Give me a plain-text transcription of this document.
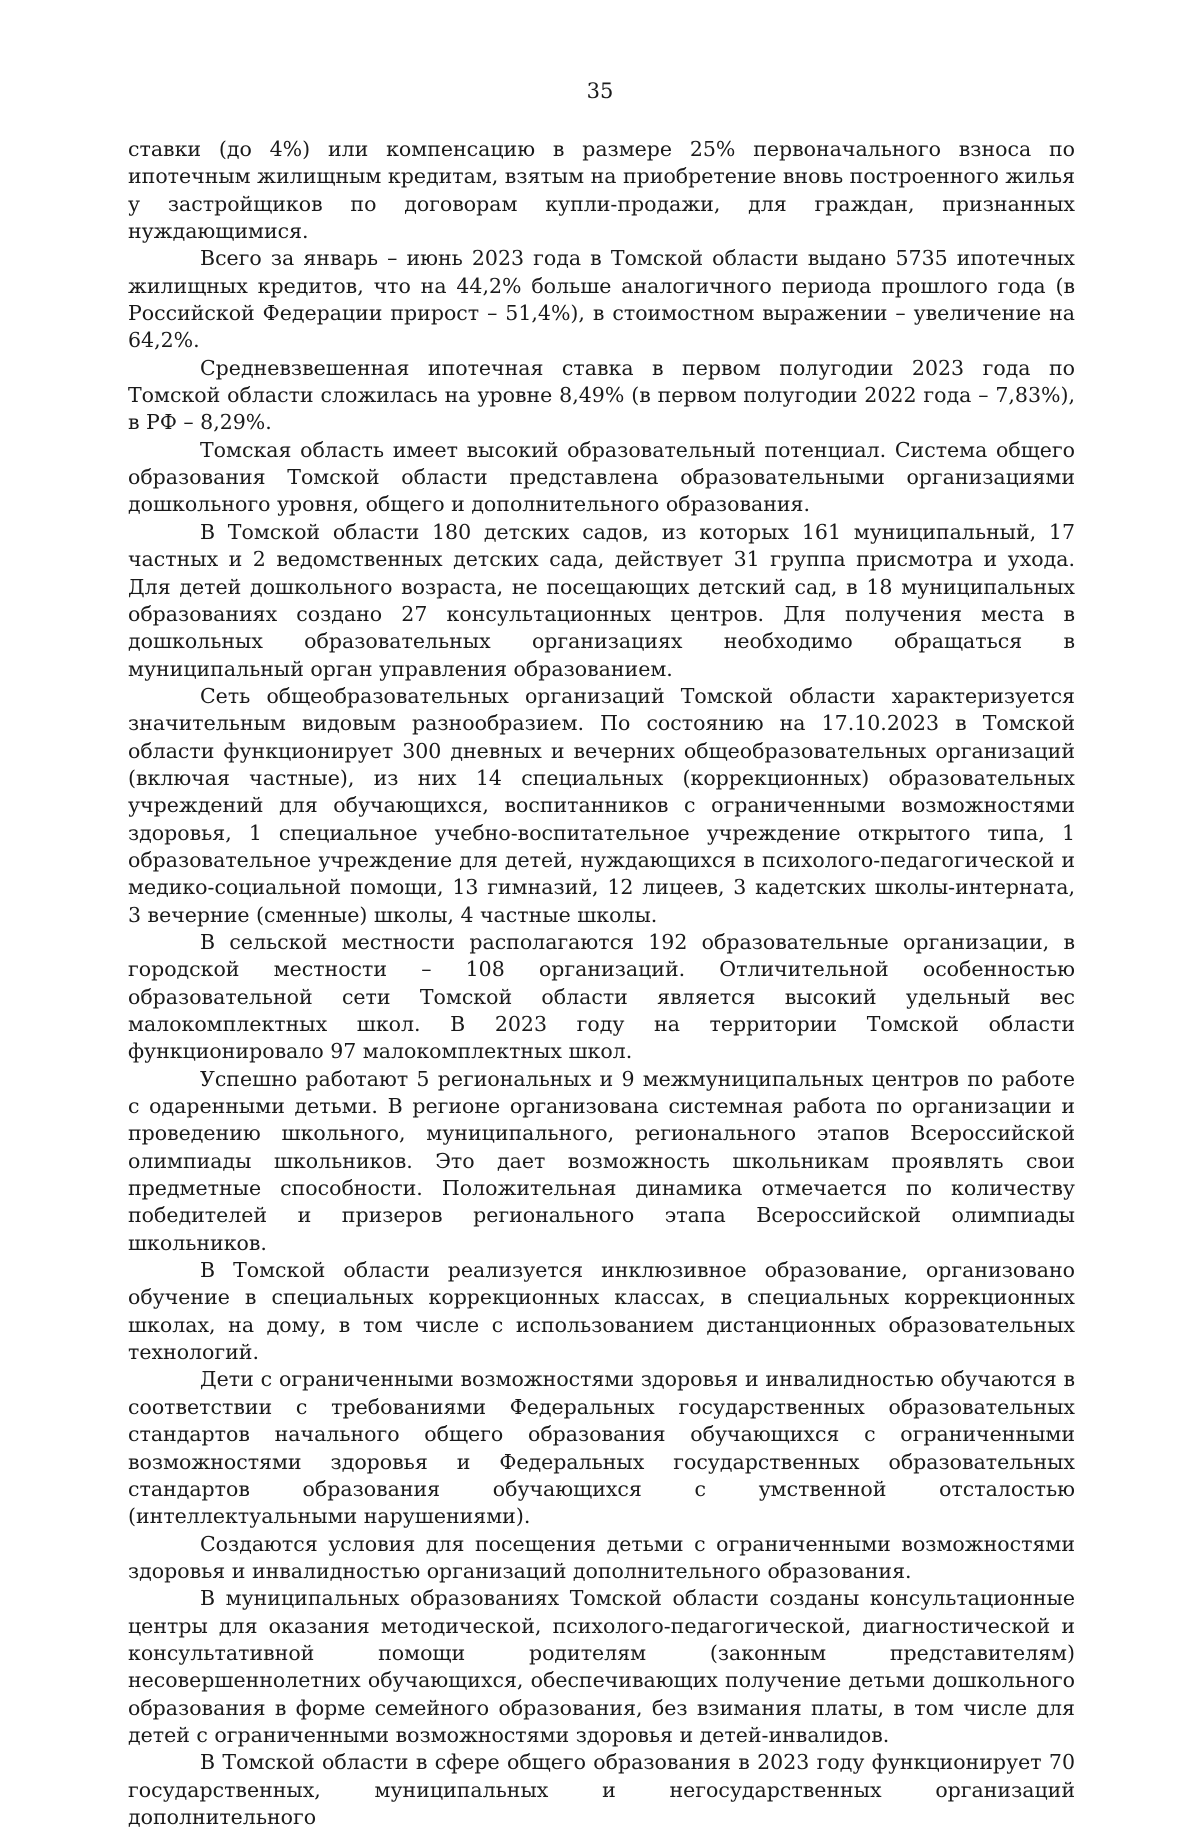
35

ставки (до 4%) или компенсацию в размере 25% первоначального взноса по ипотечным жилищным кредитам, взятым на приобретение вновь построенного жилья у застройщиков по договорам купли-продажи, для граждан, признанных нуждающимися.

Всего за январь – июнь 2023 года в Томской области выдано 5735 ипотечных жилищных кредитов, что на 44,2% больше аналогичного периода прошлого года (в Российской Федерации прирост – 51,4%), в стоимостном выражении – увеличение на 64,2%.

Средневзвешенная ипотечная ставка в первом полугодии 2023 года по Томской области сложилась на уровне 8,49% (в первом полугодии 2022 года – 7,83%), в РФ – 8,29%.

Томская область имеет высокий образовательный потенциал. Система общего образования Томской области представлена образовательными организациями дошкольного уровня, общего и дополнительного образования.

В Томской области 180 детских садов, из которых 161 муниципальный, 17 частных и 2 ведомственных детских сада, действует 31 группа присмотра и ухода. Для детей дошкольного возраста, не посещающих детский сад, в 18 муниципальных образованиях создано 27 консультационных центров. Для получения места в дошкольных образовательных организациях необходимо обращаться в муниципальный орган управления образованием.

Сеть общеобразовательных организаций Томской области характеризуется значительным видовым разнообразием. По состоянию на 17.10.2023 в Томской области функционирует 300 дневных и вечерних общеобразовательных организаций (включая частные), из них 14 специальных (коррекционных) образовательных учреждений для обучающихся, воспитанников с ограниченными возможностями здоровья, 1 специальное учебно-воспитательное учреждение открытого типа, 1 образовательное учреждение для детей, нуждающихся в психолого-педагогической и медико-социальной помощи, 13 гимназий, 12 лицеев, 3 кадетских школы-интерната, 3 вечерние (сменные) школы, 4 частные школы.

В сельской местности располагаются 192 образовательные организации, в городской местности – 108 организаций. Отличительной особенностью образовательной сети Томской области является высокий удельный вес малокомплектных школ. В 2023 году на территории Томской области функционировало 97 малокомплектных школ.

Успешно работают 5 региональных и 9 межмуниципальных центров по работе с одаренными детьми. В регионе организована системная работа по организации и проведению школьного, муниципального, регионального этапов Всероссийской олимпиады школьников. Это дает возможность школьникам проявлять свои предметные способности. Положительная динамика отмечается по количеству победителей и призеров регионального этапа Всероссийской олимпиады школьников.

В Томской области реализуется инклюзивное образование, организовано обучение в специальных коррекционных классах, в специальных коррекционных школах, на дому, в том числе с использованием дистанционных образовательных технологий.

Дети с ограниченными возможностями здоровья и инвалидностью обучаются в соответствии с требованиями Федеральных государственных образовательных стандартов начального общего образования обучающихся с ограниченными возможностями здоровья и Федеральных государственных образовательных стандартов образования обучающихся с умственной отсталостью (интеллектуальными нарушениями).

Создаются условия для посещения детьми с ограниченными возможностями здоровья и инвалидностью организаций дополнительного образования.

В муниципальных образованиях Томской области созданы консультационные центры для оказания методической, психолого-педагогической, диагностической и консультативной помощи родителям (законным представителям) несовершеннолетних обучающихся, обеспечивающих получение детьми дошкольного образования в форме семейного образования, без взимания платы, в том числе для детей с ограниченными возможностями здоровья и детей-инвалидов.

В Томской области в сфере общего образования в 2023 году функционирует 70 государственных, муниципальных и негосударственных организаций дополнительного
